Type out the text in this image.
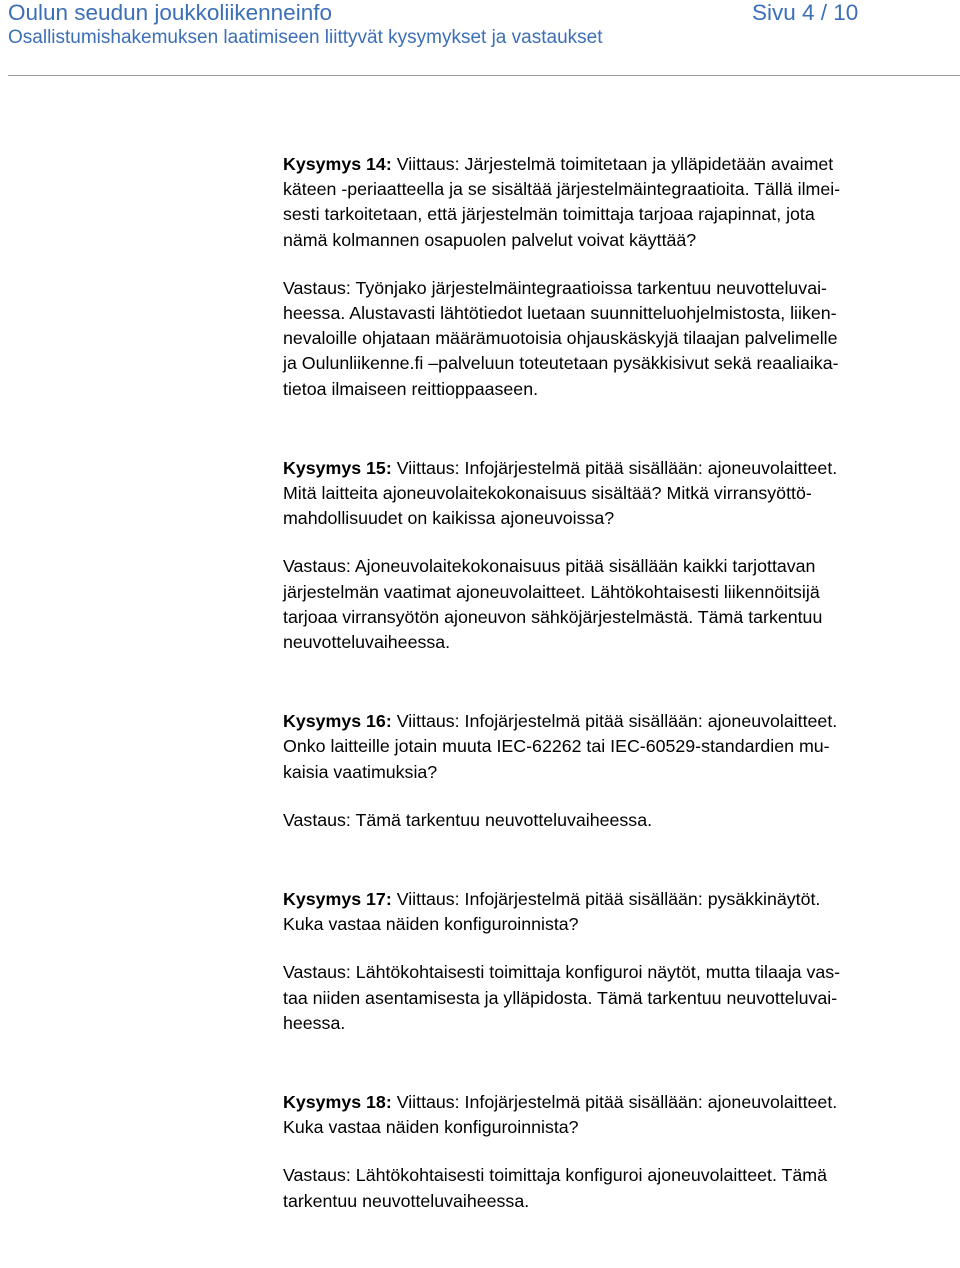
Oulun seudun joukkoliikenneinfo	Sivu 4 / 10
Osallistumishakemuksen laatimiseen liittyvät kysymykset ja vastaukset

Kysymys 14: Viittaus: Järjestelmä toimitetaan ja ylläpidetään avaimet
käteen -periaatteella ja se sisältää järjestelmäintegraatioita. Tällä ilmei-
sesti tarkoitetaan, että järjestelmän toimittaja tarjoaa rajapinnat, jota
nämä kolmannen osapuolen palvelut voivat käyttää?

Vastaus: Työnjako järjestelmäintegraatioissa tarkentuu neuvotteluvai-
heessa. Alustavasti lähtötiedot luetaan suunnitteluohjelmistosta, liiken-
nevaloille ohjataan määrämuotoisia ohjauskäskyjä tilaajan palvelimelle
ja Oulunliikenne.fi –palveluun toteutetaan pysäkkisivut sekä reaaliaika-
tietoa ilmaiseen reittioppaaseen.

Kysymys 15: Viittaus: Infojärjestelmä pitää sisällään: ajoneuvolaitteet.
Mitä laitteita ajoneuvolaitekokonaisuus sisältää? Mitkä virransyöttö-
mahdollisuudet on kaikissa ajoneuvoissa?

Vastaus: Ajoneuvolaitekokonaisuus pitää sisällään kaikki tarjottavan
järjestelmän vaatimat ajoneuvolaitteet. Lähtökohtaisesti liikennöitsijä
tarjoaa virransyötön ajoneuvon sähköjärjestelmästä. Tämä tarkentuu
neuvotteluvaiheessa.

Kysymys 16: Viittaus: Infojärjestelmä pitää sisällään: ajoneuvolaitteet.
Onko laitteille jotain muuta IEC-62262 tai IEC-60529-standardien mu-
kaisia vaatimuksia?

Vastaus: Tämä tarkentuu neuvotteluvaiheessa.

Kysymys 17: Viittaus: Infojärjestelmä pitää sisällään: pysäkkinäytöt.
Kuka vastaa näiden konfiguroinnista?

Vastaus: Lähtökohtaisesti toimittaja konfiguroi näytöt, mutta tilaaja vas-
taa niiden asentamisesta ja ylläpidosta. Tämä tarkentuu neuvotteluvai-
heessa.

Kysymys 18: Viittaus: Infojärjestelmä pitää sisällään: ajoneuvolaitteet.
Kuka vastaa näiden konfiguroinnista?

Vastaus: Lähtökohtaisesti toimittaja konfiguroi ajoneuvolaitteet. Tämä
tarkentuu neuvotteluvaiheessa.
